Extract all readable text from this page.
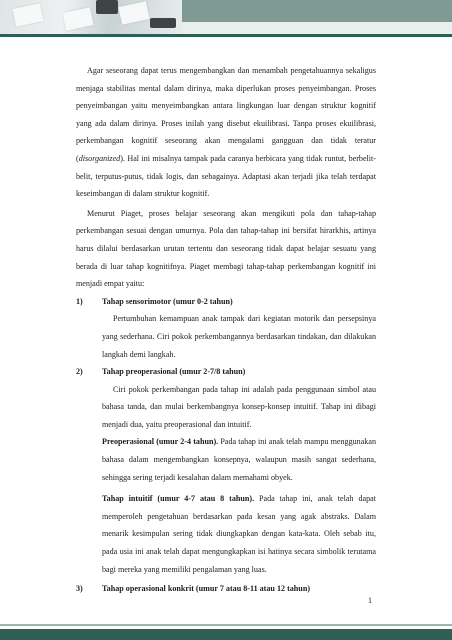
Agar seseorang dapat terus mengembangkan dan menambah pengetahuannya sekaligus menjaga stabilitas mental dalam dirinya, maka diperlukan proses penyeimbangan. Proses penyeimbangan yaitu menyeimbangkan antara lingkungan luar dengan struktur kognitif yang ada dalam dirinya. Proses inilah yang disebut ekuilibrasi. Tanpa proses ekuilibrasi, perkembangan kognitif seseorang akan mengalami gangguan dan tidak teratur (disorganized). Hal ini misalnya tampak pada caranya berbicara yang tidak runtut, berbelit-belit, terputus-putus, tidak logis, dan sebagainya. Adaptasi akan terjadi jika telah terdapat keseimbangan di dalam struktur kognitif.

Menurut Piaget, proses belajar seseorang akan mengikuti pola dan tahap-tahap perkembangan sesuai dengan umurnya. Pola dan tahap-tahap ini bersifat hirarkhis, artinya harus dilalui berdasarkan urutan tertentu dan seseorang tidak dapat belajar sesuatu yang berada di luar tahap kognitifnya. Piaget membagi tahap-tahap perkembangan kognitif ini menjadi empat yaitu:

1)	Tahap sensorimotor (umur 0-2 tahun)

Pertumbuhan kemampuan anak tampak dari kegiatan motorik dan persepsinya yang sederhana. Ciri pokok perkembangannya berdasarkan tindakan, dan dilakukan langkah demi langkah.

2)	Tahap preoperasional (umur 2-7/8 tahun)

Ciri pokok perkembangan pada tahap ini adalah pada penggunaan simbol atau bahasa tanda, dan mulai berkembangnya konsep-konsep intuitif. Tahap ini dibagi menjadi dua, yaitu preoperasional dan intuitif.

Preoperasional (umur 2-4 tahun). Pada tahap ini anak telah mampu menggunakan bahasa dalam mengembangkan konsepnya, walaupun masih sangat sederhana, sehingga sering terjadi kesalahan dalam memahami obyek.

Tahap intuitif (umur 4-7 atau 8 tahun). Pada tahap ini, anak telah dapat memperoleh pengetahuan berdasarkan pada kesan yang agak abstraks. Dalam menarik kesimpulan sering tidak diungkapkan dengan kata-kata. Oleh sebab itu, pada usia ini anak telah dapat mengungkapkan isi hatinya secara simbolik terutama bagi mereka yang memiliki pengalaman yang luas.

3)	Tahap operasional konkrit (umur 7 atau 8-11 atau 12 tahun)
1
